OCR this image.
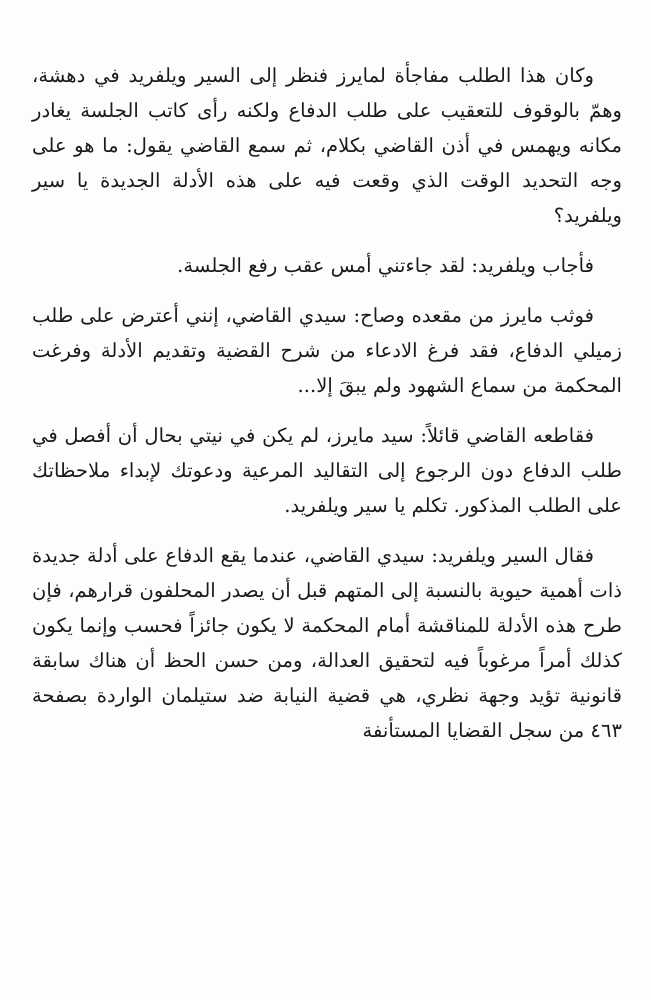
وكان هذا الطلب مفاجأة لمايرز فنظر إلى السير ويلفريد في دهشة، وهمّ بالوقوف للتعقيب على طلب الدفاع ولكنه رأى كاتب الجلسة يغادر مكانه ويهمس في أذن القاضي بكلام، ثم سمع القاضي يقول: ما هو على وجه التحديد الوقت الذي وقعت فيه على هذه الأدلة الجديدة يا سير ويلفريد؟

فأجاب ويلفريد: لقد جاءتني أمس عقب رفع الجلسة.

فوثب مايرز من مقعده وصاح: سيدي القاضي، إنني أعترض على طلب زميلي الدفاع، فقد فرغ الادعاء من شرح القضية وتقديم الأدلة وفرغت المحكمة من سماع الشهود ولم يبقَ إلا...

فقاطعه القاضي قائلاً: سيد مايرز، لم يكن في نيتي بحال أن أفصل في طلب الدفاع دون الرجوع إلى التقاليد المرعية ودعوتك لإبداء ملاحظاتك على الطلب المذكور. تكلم يا سير ويلفريد.

فقال السير ويلفريد: سيدي القاضي، عندما يقع الدفاع على أدلة جديدة ذات أهمية حيوية بالنسبة إلى المتهم قبل أن يصدر المحلفون قرارهم، فإن طرح هذه الأدلة للمناقشة أمام المحكمة لا يكون جائزاً فحسب وإنما يكون كذلك أمراً مرغوباً فيه لتحقيق العدالة، ومن حسن الحظ أن هناك سابقة قانونية تؤيد وجهة نظري، هي قضية النيابة ضد ستيلمان الواردة بصفحة ٤٦٣ من سجل القضايا المستأنفة
